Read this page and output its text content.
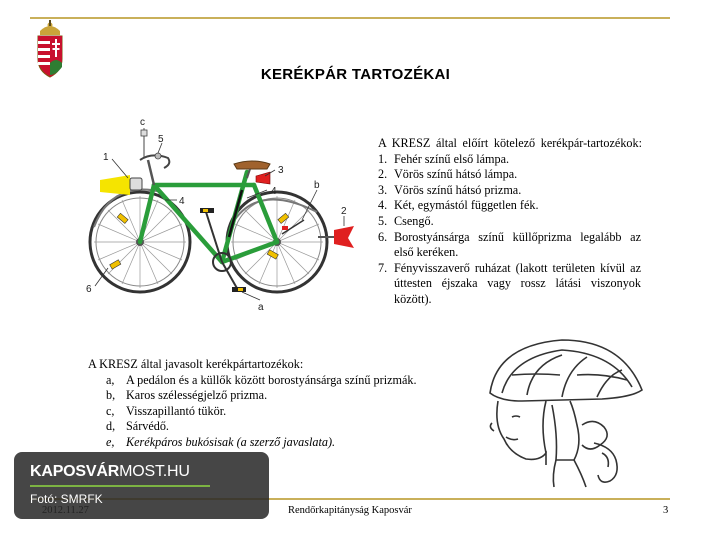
KERÉKPÁR TARTOZÉKAI
c
5
1
3
4
4
b
2
6
a
A KRESZ által előírt kötelező kerékpár-tartozékok:
1. Fehér színű első lámpa.
2. Vörös színű hátsó lámpa.
3. Vörös színű hátsó prizma.
4. Két, egymástól független fék.
5. Csengő.
6. Borostyánsárga színű küllőprizma legalább az első keréken.
7. Fényvisszaverő ruházat (lakott területen kívül az úttesten éjszaka vagy rossz látási viszonyok között).
A KRESZ által javasolt kerékpártartozékok:
a, A pedálon és a küllők között borostyánsárga színű prizmák.
b, Karos szélességjelző prizma.
c, Visszapillantó tükör.
d, Sárvédő.
e, Kerékpáros bukósisak (a szerző javaslata).
Rendőrkapitányság Kaposvár	3
KAPOSVÁRMOST.HU
Fotó: SMRFK
